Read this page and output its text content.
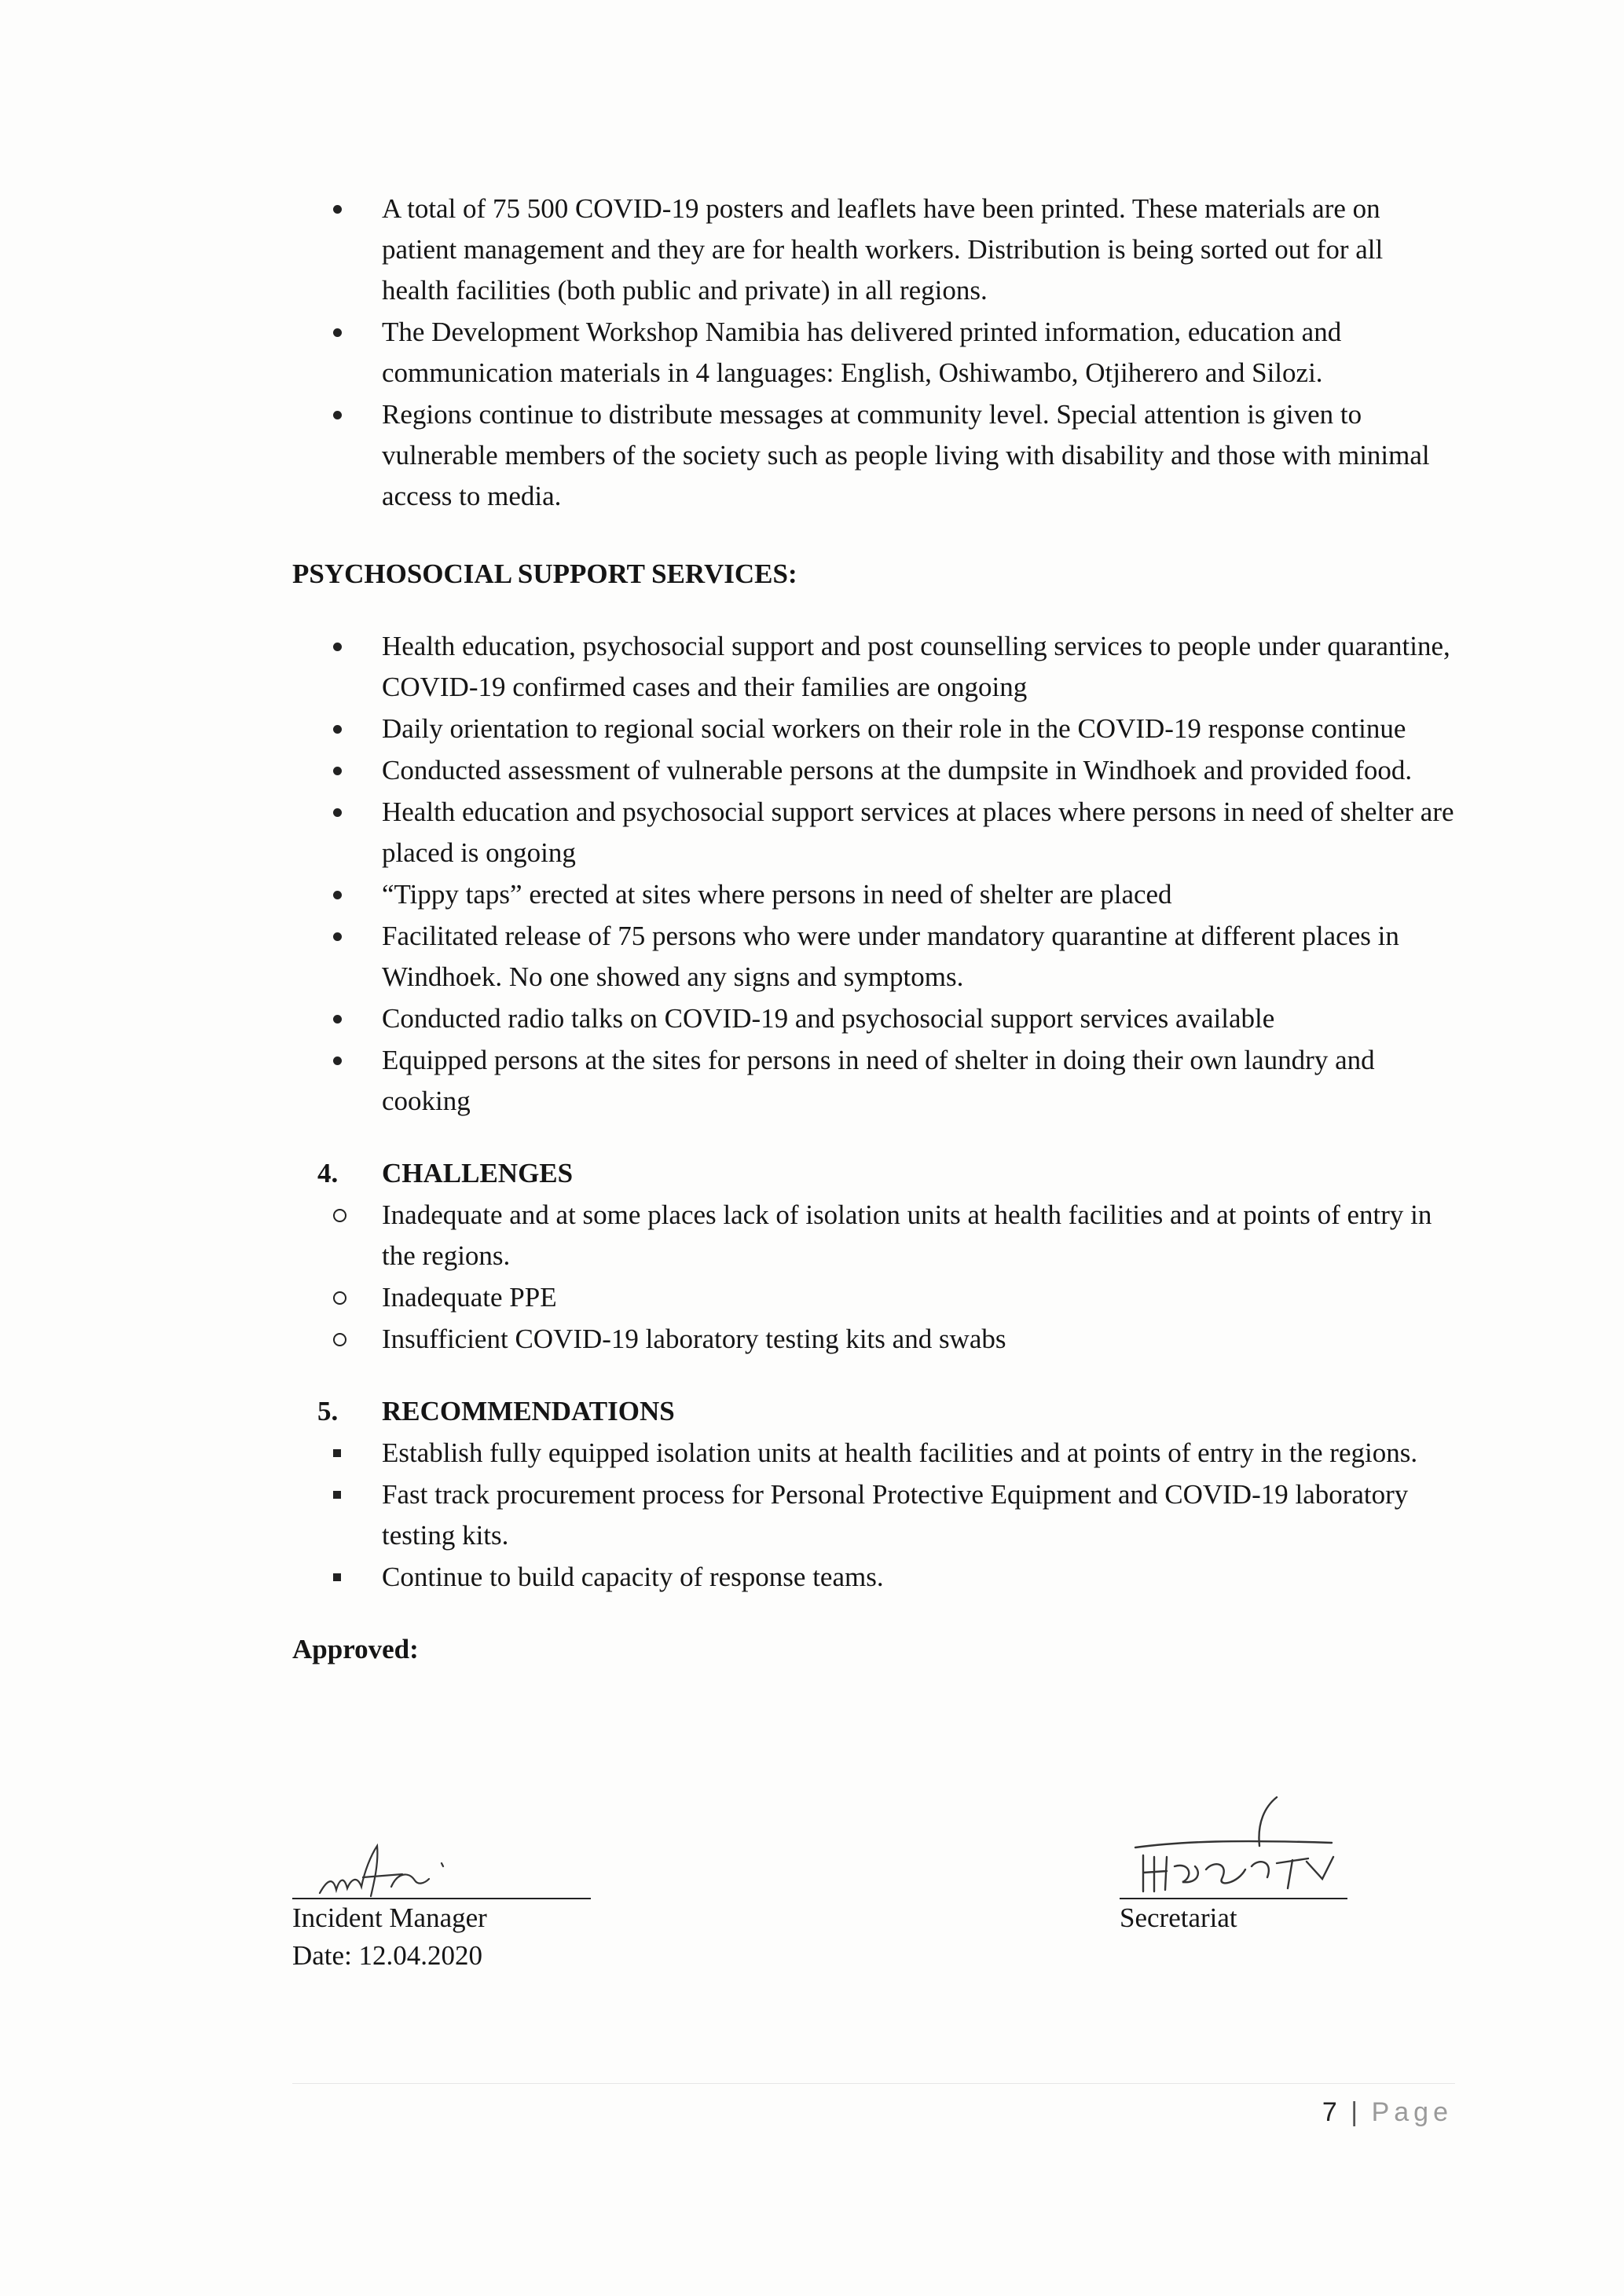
A total of 75 500 COVID-19 posters and leaflets have been printed. These materials are on patient management and they are for health workers. Distribution is being sorted out for all health facilities (both public and private) in all regions.
The Development Workshop Namibia has delivered printed information, education and communication materials in 4 languages: English, Oshiwambo, Otjiherero and Silozi.
Regions continue to distribute messages at community level. Special attention is given to vulnerable members of the society such as people living with disability and those with minimal access to media.

PSYCHOSOCIAL SUPPORT SERVICES:

Health education, psychosocial support and post counselling services to people under quarantine, COVID-19 confirmed cases and their families are ongoing
Daily orientation to regional social workers on their role in the COVID-19 response continue
Conducted assessment of vulnerable persons at the dumpsite in Windhoek and provided food.
Health education and psychosocial support services at places where persons in need of shelter are placed is ongoing
“Tippy taps” erected at sites where persons in need of shelter are placed
Facilitated release of 75 persons who were under mandatory quarantine at different places in Windhoek. No one showed any signs and symptoms.
Conducted radio talks on COVID-19 and psychosocial support services available
Equipped persons at the sites for persons in need of shelter in doing their own laundry and cooking

4. CHALLENGES

Inadequate and at some places lack of isolation units at health facilities and at points of entry in the regions.
Inadequate PPE
Insufficient COVID-19 laboratory testing kits and swabs

5. RECOMMENDATIONS

Establish fully equipped isolation units at health facilities and at points of entry in the regions.
Fast track procurement process for Personal Protective Equipment and COVID-19 laboratory testing kits.
Continue to build capacity of response teams.

Approved:

Incident Manager
Date: 12.04.2020
Secretariat
7 | Page
